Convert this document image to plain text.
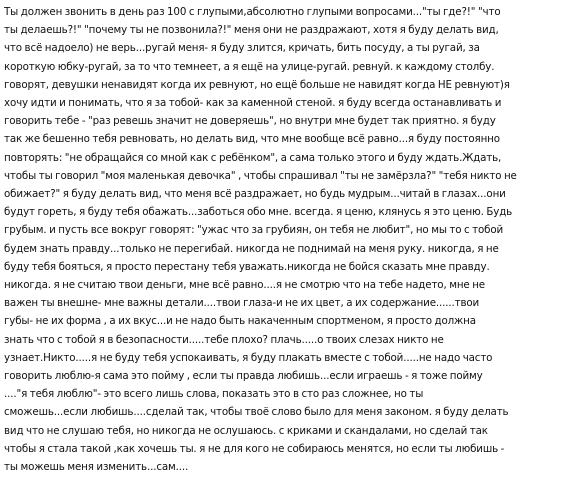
Ты должен звонить в день раз 100 с глупыми,абсолютно глупыми вопросами..."ты где?!" "что
ты делаешь?!" "почему ты не позвонила?!" меня они не раздражают, хотя я буду делать вид,
что всё надоело) не верь...ругай меня- я буду злится, кричать, бить посуду, а ты ругай, за
короткую юбку-ругай, за то что темнеет, а я ещё на улице-ругай. ревнуй. к каждому столбу.
говорят, девушки ненавидят когда их ревнуют, но ещё больше не навидят когда НЕ ревнуют)я
хочу идти и понимать, что я за тобой- как за каменной стеной. я буду всегда останавливать и
говорить тебе - "раз ревешь значит не доверяешь", но внутри мне будет так приятно. я буду
так же бешенно тебя ревновать, но делать вид, что мне вообще всё равно...я буду постоянно
повторять: "не обращайся со мной как с ребёнком", а сама только этого и буду ждать.Ждать,
чтобы ты говорил "моя маленькая девочка" , чтобы спрашивал "ты не замёрзла?" "тебя никто не
обижает?" я буду делать вид, что меня всё раздражает, но будь мудрым...читай в глазах...они
будут гореть, я буду тебя обажать...заботься обо мне. всегда. я ценю, клянусь я это ценю. Будь
грубым. и пусть все вокруг говорят: "ужас что за грубиян, он тебя не любит", но мы то с тобой
будем знать правду...только не перегибай. никогда не поднимай на меня руку. никогда, я не
буду тебя бояться, я просто перестану тебя уважать.никогда не бойся сказать мне правду.
никогда. я не считаю твои деньги, мне всё равно....я не смотрю что на тебе надето, мне не
важен ты внешне- мне важны детали....твои глаза-и не их цвет, а их содержание......твои
губы- не их форма , а их вкус...и не надо быть накаченным спортменом, я просто должна
знать что с тобой я в безопасности.....тебе плохо? плачь.....о твоих слезах никто не
узнает.Никто.....я не буду тебя успокаивать, я буду плакать вместе с тобой.....не надо часто
говорить люблю-я сама это пойму , если ты правда любишь...если играешь - я тоже пойму
...."я тебя люблю"- это всего лишь слова, показать это в сто раз сложнее, но ты
сможешь...если любишь....сделай так, чтобы твоё слово было для меня законом. я буду делать
вид что не слушаю тебя, но никогда не ослушаюсь. с криками и скандалами, но сделай так
чтобы я стала такой ,как хочешь ты. я не для кого не собираюсь менятся, но если ты любишь -
ты можешь меня изменить...сам....
